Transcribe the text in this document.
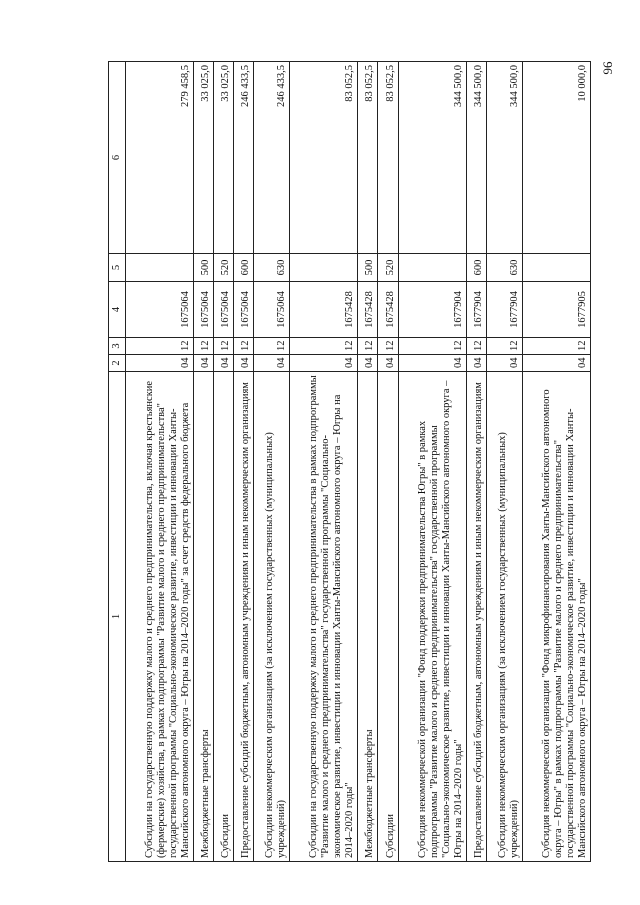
96
1	2	3	4	5	6
Субсидии на государственную поддержку малого и среднего предпринимательства, включая крестьянские (фермерские) хозяйства, в рамках подпрограммы "Развитие малого и среднего предпринимательства" государственной программы "Социально-экономическое развитие, инвестиции и инновации Ханты-Мансийского автономного округа – Югры на 2014–2020 годы" за счет средств федерального бюджета	04	12	1675064		279 458,5
Межбюджетные трансферты	04	12	1675064	500	33 025,0
Субсидии	04	12	1675064	520	33 025,0
Предоставление субсидий бюджетным, автономным учреждениям и иным некоммерческим организациям	04	12	1675064	600	246 433,5
Субсидии некоммерческим организациям (за исключением государственных (муниципальных) учреждений)	04	12	1675064	630	246 433,5
Субсидии на государственную поддержку малого и среднего предпринимательства в рамках подпрограммы "Развитие малого и среднего предпринимательства" государственной программы "Социально-экономическое развитие, инвестиции и инновации Ханты-Мансийского автономного округа – Югры на 2014–2020 годы"	04	12	1675428		83 052,5
Межбюджетные трансферты	04	12	1675428	500	83 052,5
Субсидии	04	12	1675428	520	83 052,5
Субсидия некоммерческой организации "Фонд поддержки предпринимательства Югры" в рамках подпрограммы "Развитие малого и среднего предпринимательства" государственной программы "Социально-экономическое развитие, инвестиции и инновации Ханты-Мансийского автономного округа – Югры на 2014–2020 годы"	04	12	1677904		344 500,0
Предоставление субсидий бюджетным, автономным учреждениям и иным некоммерческим организациям	04	12	1677904	600	344 500,0
Субсидии некоммерческим организациям (за исключением государственных (муниципальных) учреждений)	04	12	1677904	630	344 500,0
Субсидия некоммерческой организации "Фонд микрофинансирования Ханты-Мансийского автономного округа – Югры" в рамках подпрограммы "Развитие малого и среднего предпринимательства" государственной программы "Социально-экономическое развитие, инвестиции и инновации Ханты-Мансийского автономного округа – Югры на 2014–2020 годы"	04	12	1677905		10 000,0
